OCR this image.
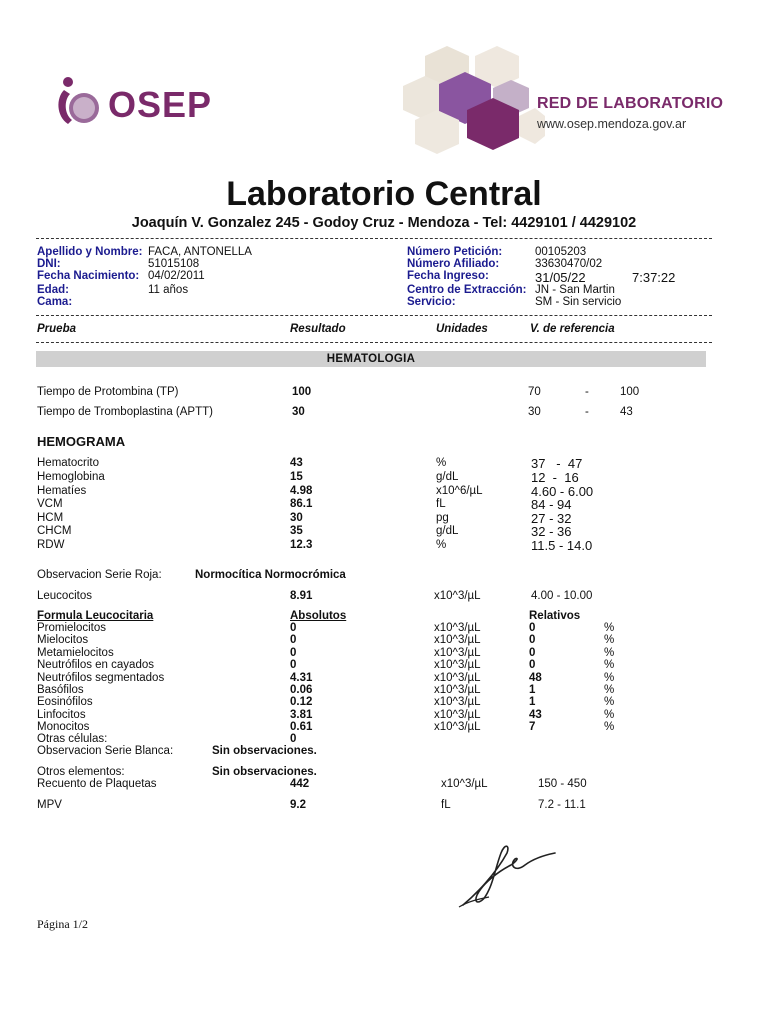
OSEP	RED DE LABORATORIO
www.osep.mendoza.gov.ar
Laboratorio Central
Joaquín V. Gonzalez 245 - Godoy Cruz - Mendoza - Tel: 4429101 / 4429102
Apellido y Nombre: FACA, ANTONELLA
DNI:	51015108
Fecha Nacimiento: 04/02/2011
Edad:	11 años
Cama:
Número Petición:	00105203
Número Afiliado:	33630470/02
Fecha Ingreso:	31/05/22	7:37:22
Centro de Extracción: JN - San Martin
Servicio:	SM - Sin servicio
Prueba	Resultado	Unidades	V. de referencia
HEMATOLOGIA
Tiempo de Protombina (TP)	100	70	-	100
Tiempo de Tromboplastina (APTT)	30	30	-	43
HEMOGRAMA
Hematocrito	43	%	37   -  47
Hemoglobina	15	g/dL	12  -  16
Hematíes	4.98	x10^6/µL	4.60 - 6.00
VCM	86.1	fL	84 - 94
HCM	30	pg	27 - 32
CHCM	35	g/dL	32 - 36
RDW	12.3	%	11.5 - 14.0
Observacion Serie Roja:	Normocítica Normocrómica
Leucocitos	8.91	x10^3/µL	4.00 - 10.00
Formula Leucocitaria	Absolutos	Relativos
Promielocitos	0	x10^3/µL	0	%
Mielocitos	0	x10^3/µL	0	%
Metamielocitos	0	x10^3/µL	0	%
Neutrófilos en cayados	0	x10^3/µL	0	%
Neutrófilos segmentados	4.31	x10^3/µL	48	%
Basófilos	0.06	x10^3/µL	1	%
Eosinófilos	0.12	x10^3/µL	1	%
Linfocitos	3.81	x10^3/µL	43	%
Monocitos	0.61	x10^3/µL	7	%
Otras células:	0
Observacion Serie Blanca:	Sin observaciones.
Otros elementos:	Sin observaciones.
Recuento de Plaquetas	442	x10^3/µL	150 - 450
MPV	9.2	fL	7.2 - 11.1
Página 1/2
